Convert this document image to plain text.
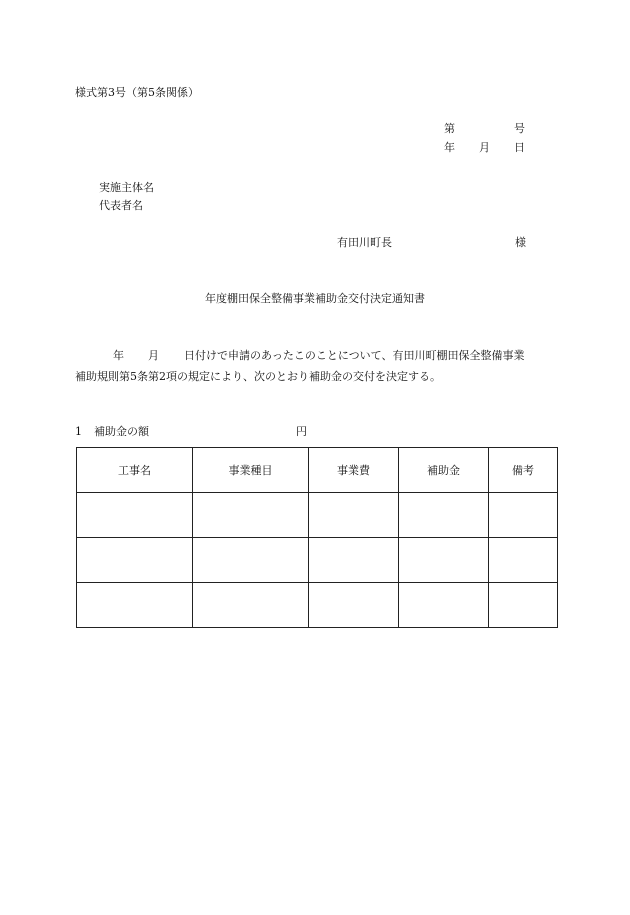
様式第3号（第5条関係）
第	号
年 月 日
実施主体名
代表者名
有田川町長	様
年度棚田保全整備事業補助金交付決定通知書
年 月 日付けで申請のあったこのことについて、有田川町棚田保全整備事業
補助規則第5条第2項の規定により、次のとおり補助金の交付を決定する。
1 補助金の額	円
工事名	事業種目	事業費	補助金	備考
